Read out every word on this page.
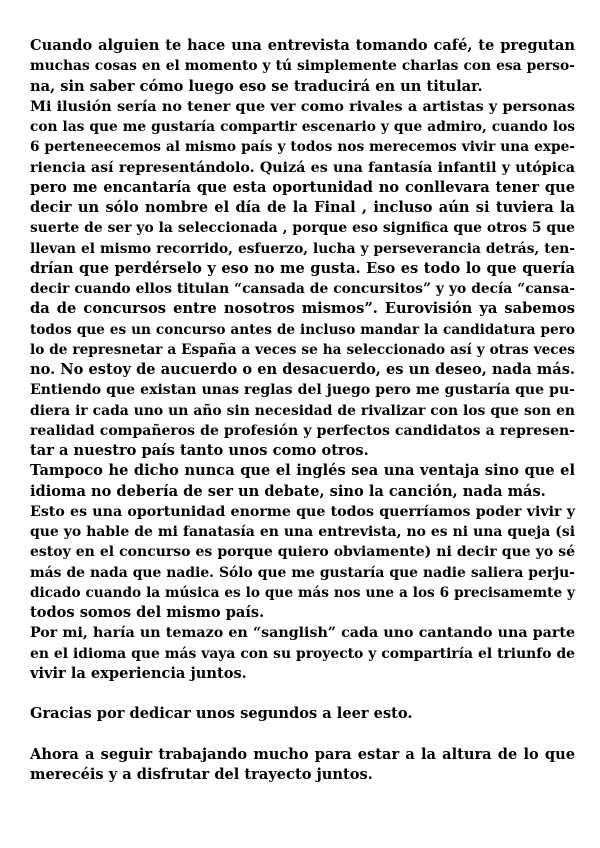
Cuando alguien te hace una entrevista tomando café, te pregutan
muchas cosas en el momento y tú simplemente charlas con esa perso-
na, sin saber cómo luego eso se traducirá en un titular.
Mi ilusión sería no tener que ver como rivales a artistas y personas
con las que me gustaría compartir escenario y que admiro, cuando los
6 perteneecemos al mismo país y todos nos merecemos vivir una expe-
riencia así representándolo. Quizá es una fantasía infantil y utópica
pero me encantaría que esta oportunidad no conllevara tener que
decir un sólo nombre el día de la Final , incluso aún si tuviera la
suerte de ser yo la seleccionada , porque eso significa que otros 5 que
llevan el mismo recorrido, esfuerzo, lucha y perseverancia detrás, ten-
drían que perdérselo y eso no me gusta. Eso es todo lo que quería
decir cuando ellos titulan “cansada de concursitos” y yo decía “cansa-
da de concursos entre nosotros mismos”. Eurovisión ya sabemos
todos que es un concurso antes de incluso mandar la candidatura pero
lo de represnetar a España a veces se ha seleccionado así y otras veces
no. No estoy de aucuerdo o en desacuerdo, es un deseo, nada más.
Entiendo que existan unas reglas del juego pero me gustaría que pu-
diera ir cada uno un año sin necesidad de rivalizar con los que son en
realidad compañeros de profesión y perfectos candidatos a represen-
tar a nuestro país tanto unos como otros.
Tampoco he dicho nunca que el inglés sea una ventaja sino que el
idioma no debería de ser un debate, sino la canción, nada más.
Esto es una oportunidad enorme que todos querríamos poder vivir y
que yo hable de mi fanatasía en una entrevista, no es ni una queja (si
estoy en el concurso es porque quiero obviamente) ni decir que yo sé
más de nada que nadie. Sólo que me gustaría que nadie saliera perju-
dicado cuando la música es lo que más nos une a los 6 precisamemte y
todos somos del mismo país.
Por mi, haría un temazo en “sanglish” cada uno cantando una parte
en el idioma que más vaya con su proyecto y compartiría el triunfo de
vivir la experiencia juntos.
Gracias por dedicar unos segundos a leer esto.
Ahora a seguir trabajando mucho para estar a la altura de lo que
merecéis y a disfrutar del trayecto juntos.
